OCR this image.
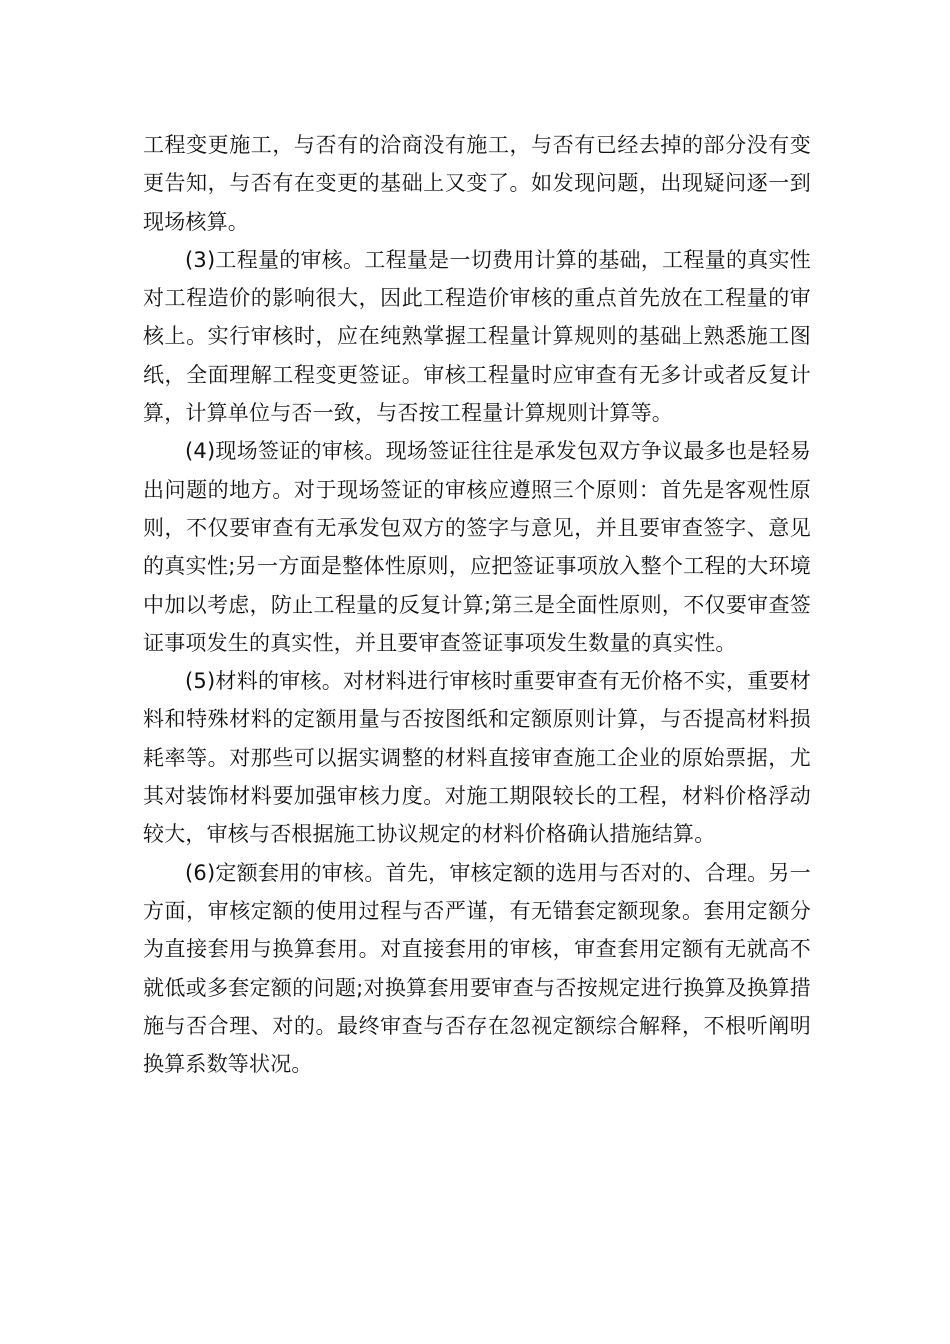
工程变更施工，与否有的洽商没有施工，与否有已经去掉的部分没有变更告知，与否有在变更的基础上又变了。如发现问题，出现疑问逐一到现场核算。

(3)工程量的审核。工程量是一切费用计算的基础，工程量的真实性对工程造价的影响很大，因此工程造价审核的重点首先放在工程量的审核上。实行审核时，应在纯熟掌握工程量计算规则的基础上熟悉施工图纸，全面理解工程变更签证。审核工程量时应审查有无多计或者反复计算，计算单位与否一致，与否按工程量计算规则计算等。

(4)现场签证的审核。现场签证往往是承发包双方争议最多也是轻易出问题的地方。对于现场签证的审核应遵照三个原则：首先是客观性原则，不仅要审查有无承发包双方的签字与意见，并且要审查签字、意见的真实性;另一方面是整体性原则，应把签证事项放入整个工程的大环境中加以考虑，防止工程量的反复计算;第三是全面性原则，不仅要审查签证事项发生的真实性，并且要审查签证事项发生数量的真实性。

(5)材料的审核。对材料进行审核时重要审查有无价格不实，重要材料和特殊材料的定额用量与否按图纸和定额原则计算，与否提高材料损耗率等。对那些可以据实调整的材料直接审查施工企业的原始票据，尤其对装饰材料要加强审核力度。对施工期限较长的工程，材料价格浮动较大，审核与否根据施工协议规定的材料价格确认措施结算。

(6)定额套用的审核。首先，审核定额的选用与否对的、合理。另一方面，审核定额的使用过程与否严谨，有无错套定额现象。套用定额分为直接套用与换算套用。对直接套用的审核，审查套用定额有无就高不就低或多套定额的问题;对换算套用要审查与否按规定进行换算及换算措施与否合理、对的。最终审查与否存在忽视定额综合解释，不根听阐明换算系数等状况。
